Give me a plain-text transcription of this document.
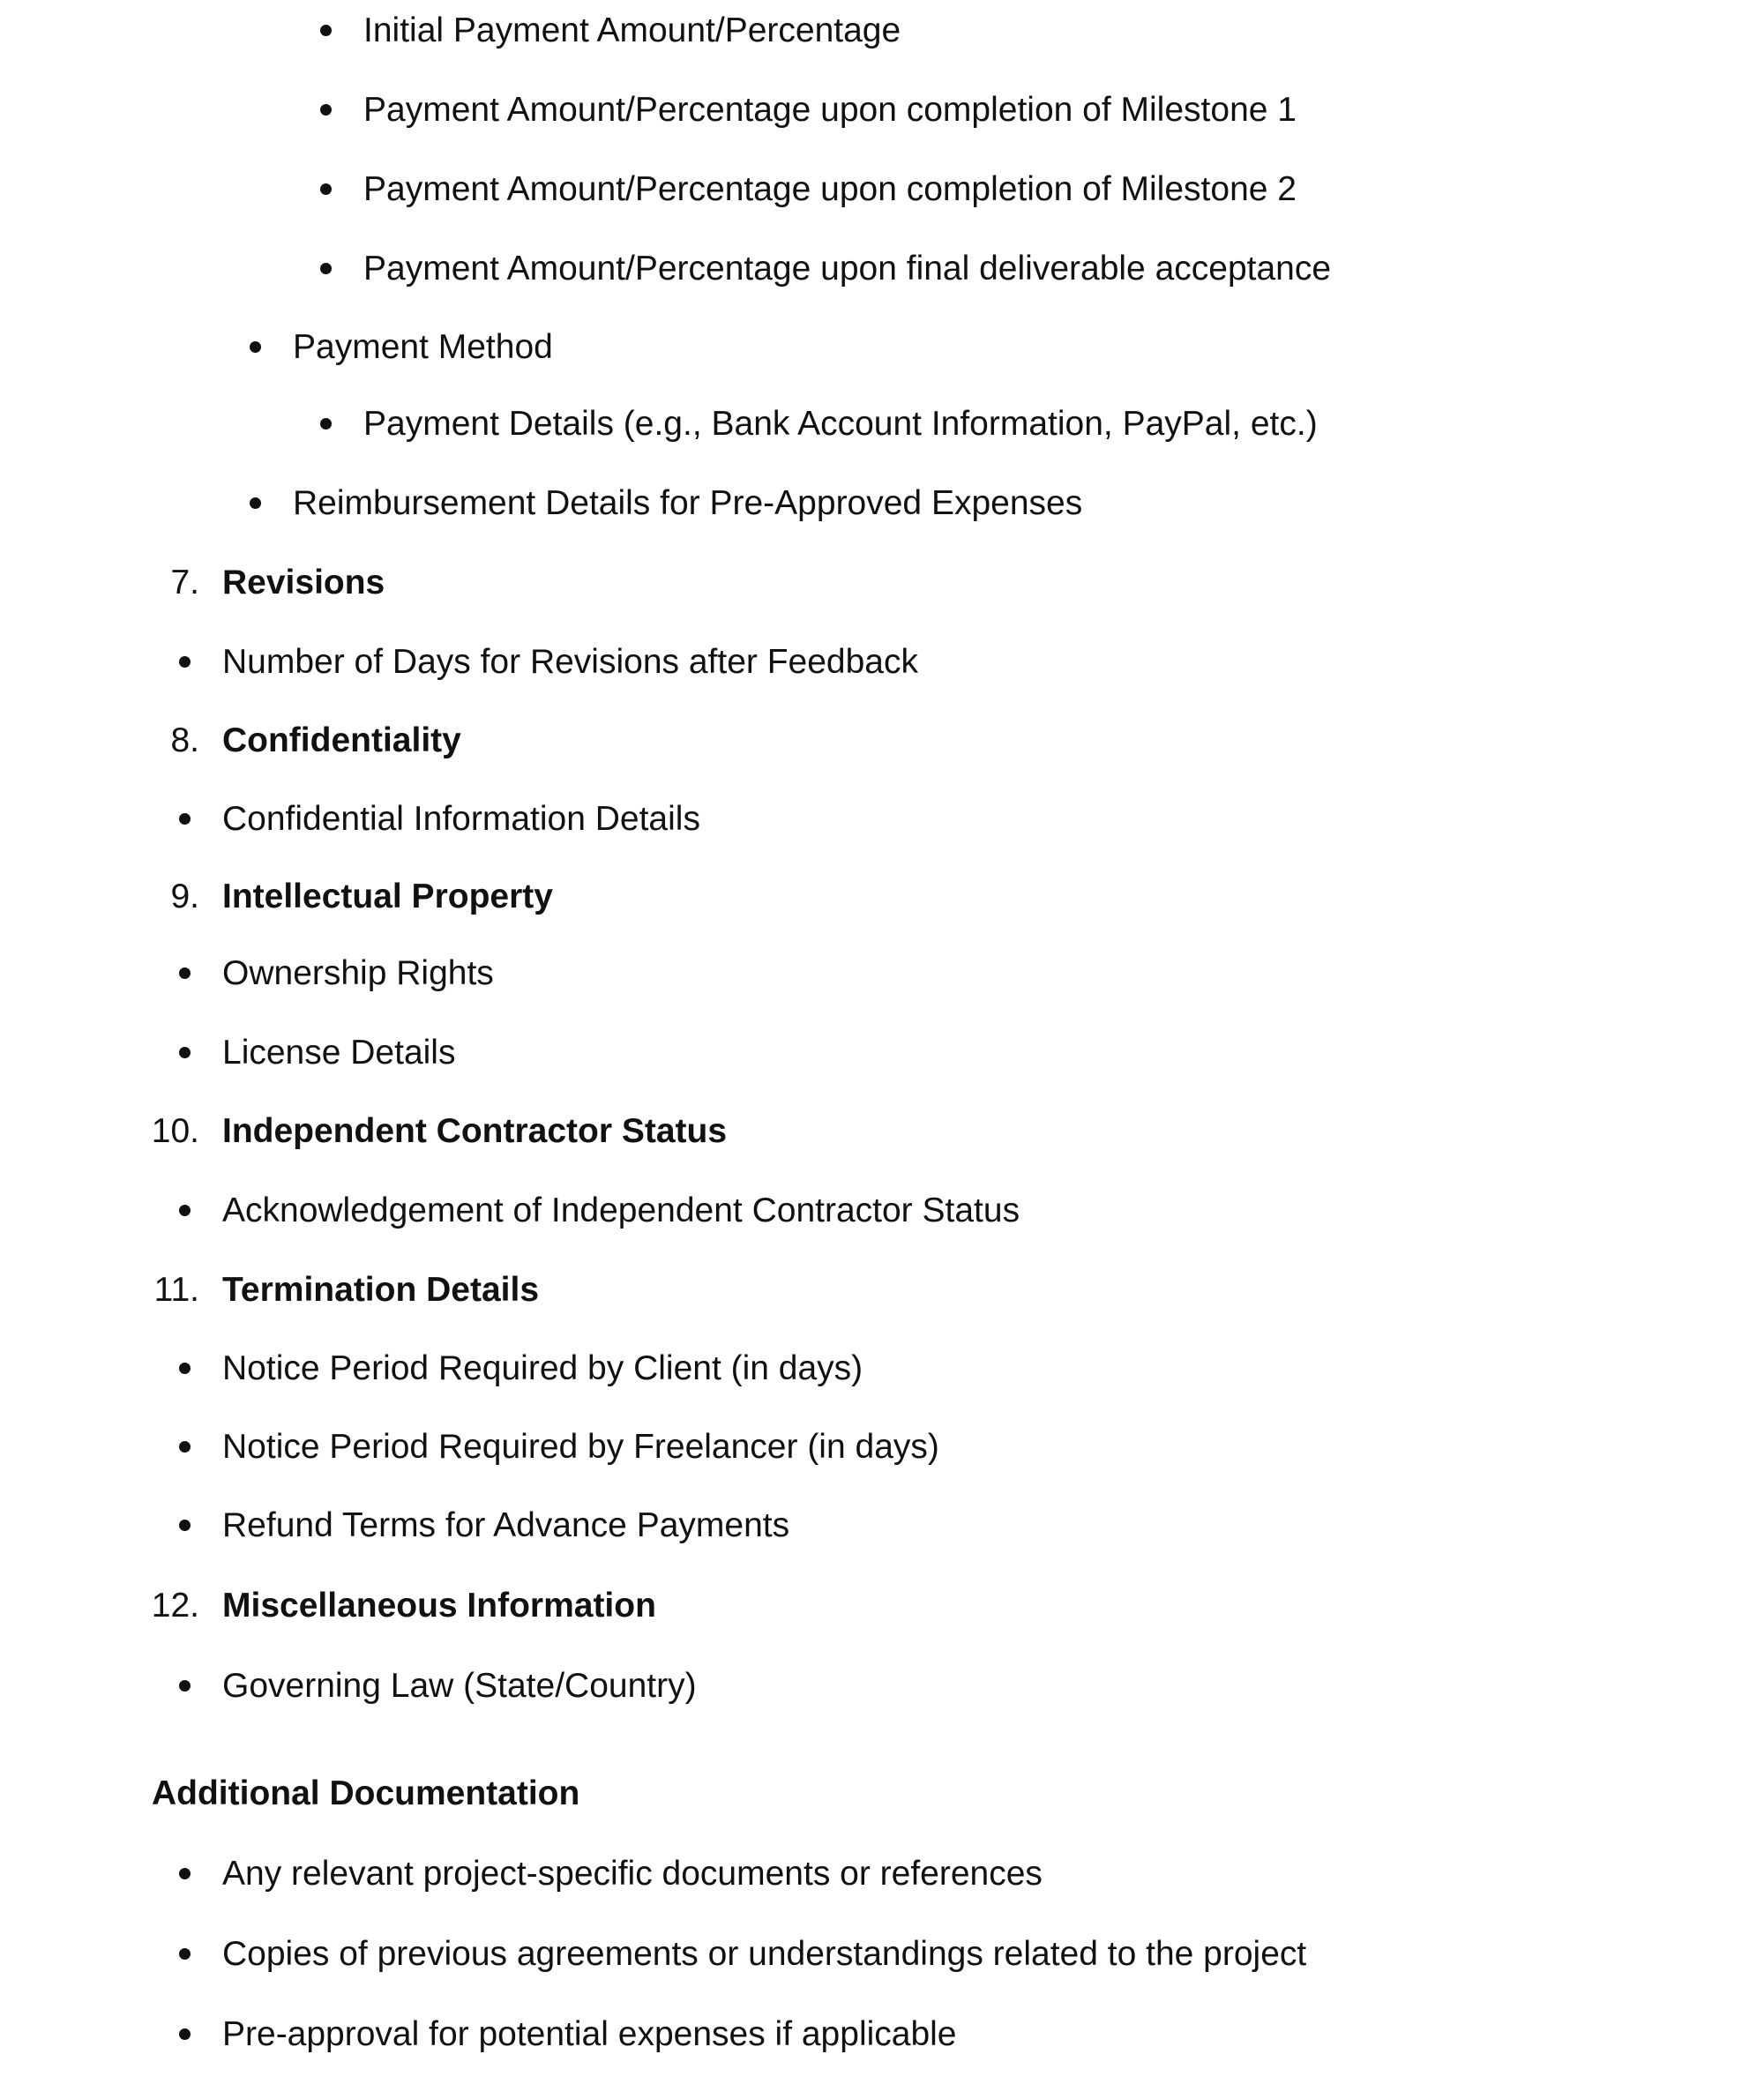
Initial Payment Amount/Percentage
Payment Amount/Percentage upon completion of Milestone 1
Payment Amount/Percentage upon completion of Milestone 2
Payment Amount/Percentage upon final deliverable acceptance
Payment Method
Payment Details (e.g., Bank Account Information, PayPal, etc.)
Reimbursement Details for Pre-Approved Expenses
7. Revisions
Number of Days for Revisions after Feedback
8. Confidentiality
Confidential Information Details
9. Intellectual Property
Ownership Rights
License Details
10. Independent Contractor Status
Acknowledgement of Independent Contractor Status
11. Termination Details
Notice Period Required by Client (in days)
Notice Period Required by Freelancer (in days)
Refund Terms for Advance Payments
12. Miscellaneous Information
Governing Law (State/Country)
Additional Documentation
Any relevant project-specific documents or references
Copies of previous agreements or understandings related to the project
Pre-approval for potential expenses if applicable
